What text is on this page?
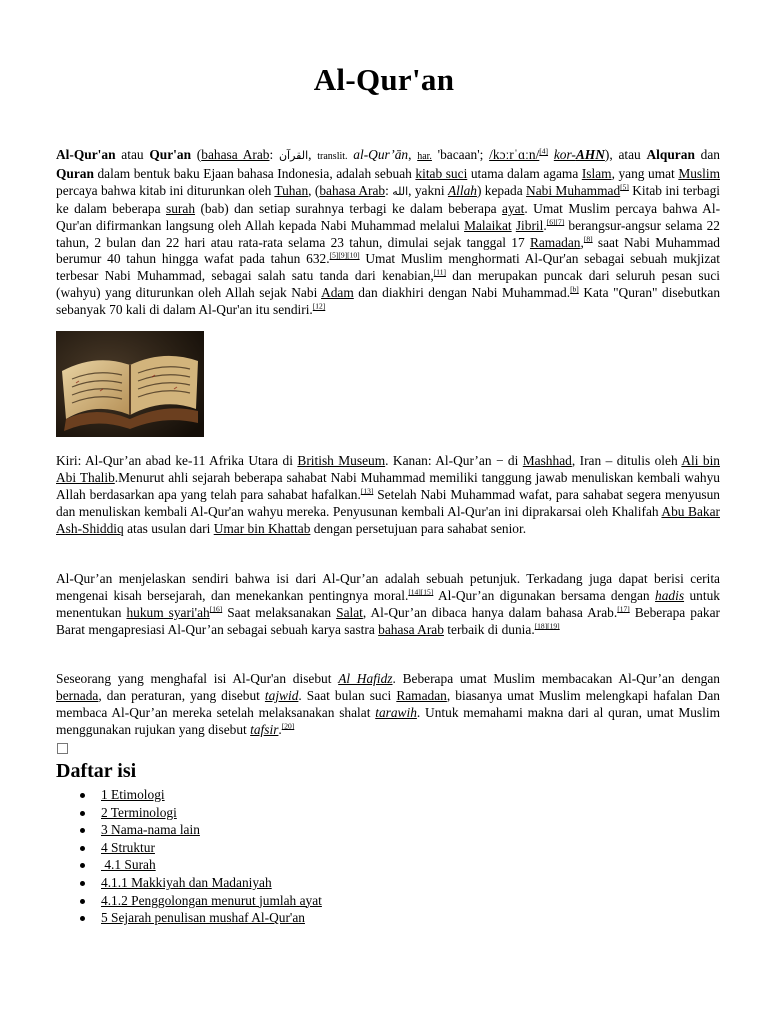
Al-Qur'an

Al-Qur'an atau Qur'an (bahasa Arab: القرآن, translit. al-Qur’ān, har. 'bacaan'; /kɔːrˈɑːn/[4] kor-AHN), atau Alquran dan Quran dalam bentuk baku Ejaan bahasa Indonesia, adalah sebuah kitab suci utama dalam agama Islam, yang umat Muslim percaya bahwa kitab ini diturunkan oleh Tuhan, (bahasa Arab: الله, yakni Allah) kepada Nabi Muhammad[5] Kitab ini terbagi ke dalam beberapa surah (bab) dan setiap surahnya terbagi ke dalam beberapa ayat. Umat Muslim percaya bahwa Al-Qur'an difirmankan langsung oleh Allah kepada Nabi Muhammad melalui Malaikat Jibril.[6][7] berangsur-angsur selama 22 tahun, 2 bulan dan 22 hari atau rata-rata selama 23 tahun, dimulai sejak tanggal 17 Ramadan,[8] saat Nabi Muhammad berumur 40 tahun hingga wafat pada tahun 632.[5][9][10] Umat Muslim menghormati Al-Qur'an sebagai sebuah mukjizat terbesar Nabi Muhammad, sebagai salah satu tanda dari kenabian,[11] dan merupakan puncak dari seluruh pesan suci (wahyu) yang diturunkan oleh Allah sejak Nabi Adam dan diakhiri dengan Nabi Muhammad.[b] Kata "Quran" disebutkan sebanyak 70 kali di dalam Al-Qur'an itu sendiri.[12]

Kiri: Al-Qur’an abad ke-11 Afrika Utara di British Museum. Kanan: Al-Qur’an − di Mashhad, Iran – ditulis oleh Ali bin Abi Thalib.Menurut ahli sejarah beberapa sahabat Nabi Muhammad memiliki tanggung jawab menuliskan kembali wahyu Allah berdasarkan apa yang telah para sahabat hafalkan.[13] Setelah Nabi Muhammad wafat, para sahabat segera menyusun dan menuliskan kembali Al-Qur'an wahyu mereka. Penyusunan kembali Al-Qur'an ini diprakarsai oleh Khalifah Abu Bakar Ash-Shiddiq atas usulan dari Umar bin Khattab dengan persetujuan para sahabat senior.

Al-Qur’an menjelaskan sendiri bahwa isi dari Al-Qur’an adalah sebuah petunjuk. Terkadang juga dapat berisi cerita mengenai kisah bersejarah, dan menekankan pentingnya moral.[14][15] Al-Qur’an digunakan bersama dengan hadis untuk menentukan hukum syari'ah[16] Saat melaksanakan Salat, Al-Qur’an dibaca hanya dalam bahasa Arab.[17] Beberapa pakar Barat mengapresiasi Al-Qur’an sebagai sebuah karya sastra bahasa Arab terbaik di dunia.[18][19]

Seseorang yang menghafal isi Al-Qur'an disebut Al Hafidz. Beberapa umat Muslim membacakan Al-Qur’an dengan bernada, dan peraturan, yang disebut tajwid. Saat bulan suci Ramadan, biasanya umat Muslim melengkapi hafalan Dan membaca Al-Qur’an mereka setelah melaksanakan shalat tarawih. Untuk memahami makna dari al quran, umat Muslim menggunakan rujukan yang disebut tafsir.[20]

Daftar isi
1 Etimologi
2 Terminologi
3 Nama-nama lain
4 Struktur
4.1 Surah
4.1.1 Makkiyah dan Madaniyah
4.1.2 Penggolongan menurut jumlah ayat
5 Sejarah penulisan mushaf Al-Qur'an
